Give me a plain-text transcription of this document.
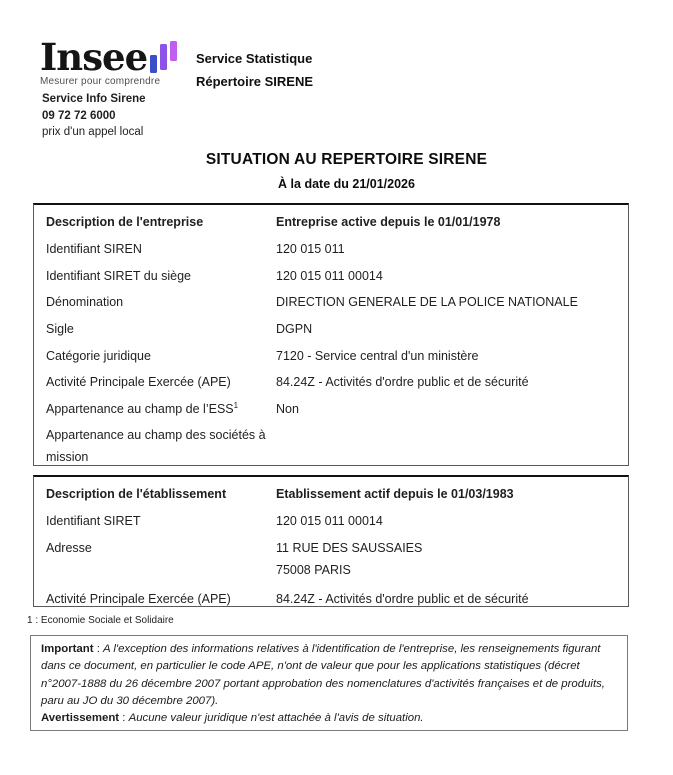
Insee
Mesurer pour comprendre
Service Info Sirene
09 72 72 6000
prix d'un appel local
Service Statistique
Répertoire SIRENE
SITUATION AU REPERTOIRE SIRENE
À la date du 21/01/2026
Description de l'entreprise	Entreprise active depuis le 01/01/1978
Identifiant SIREN	120 015 011
Identifiant SIRET du siège	120 015 011 00014
Dénomination	DIRECTION GENERALE DE LA POLICE NATIONALE
Sigle	DGPN
Catégorie juridique	7120 - Service central d'un ministère
Activité Principale Exercée (APE)	84.24Z - Activités d'ordre public et de sécurité
Appartenance au champ de l’ESS$^1$	Non
Appartenance au champ des sociétés à mission
Description de l'établissement	Etablissement actif depuis le 01/03/1983
Identifiant SIRET	120 015 011 00014
Adresse	11 RUE DES SAUSSAIES
75008 PARIS
Activité Principale Exercée (APE)	84.24Z - Activités d'ordre public et de sécurité
1 : Economie Sociale et Solidaire
Important : A l'exception des informations relatives à l'identification de l'entreprise, les renseignements figurant dans ce document, en particulier le code APE, n'ont de valeur que pour les applications statistiques (décret n°2007-1888 du 26 décembre 2007 portant approbation des nomenclatures d'activités françaises et de produits, paru au JO du 30 décembre 2007).
Avertissement : Aucune valeur juridique n'est attachée à l'avis de situation.
